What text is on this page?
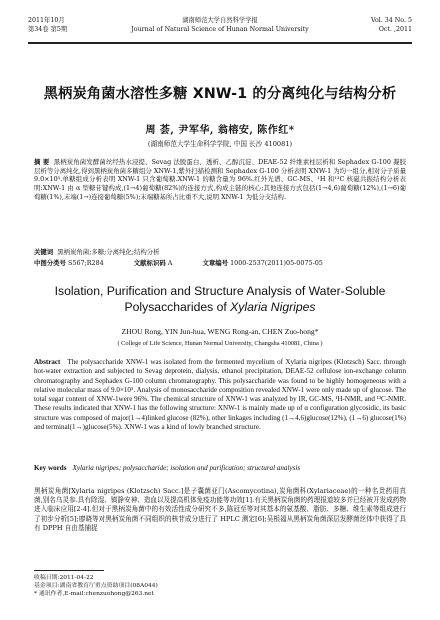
2011年10月
第34卷 第5期
湖南师范大学自然科学学报
Journal of Natural Science of Hunan Normal University
Vol. 34 No. 5
Oct. ,2011
黑柄炭角菌水溶性多糖 XNW-1 的分离纯化与结构分析
周 荟, 尹军华, 翁榕安, 陈作红*
(湖南师范大学生命科学学院, 中国 长沙 410081)
摘 要 黑柄炭角菌发酵菌丝经热水浸提、Sevag 法脱蛋白、透析、乙醇沉淀、DEAE-52 纤维素柱层析和 Sephadex G-100 凝胶层析等分离纯化,得到黑柄炭角菌多糖组分 XNW-1,紫外扫描检测和 Sephadex G-100 分析表明 XNW-1 为均一组分,相对分子质量 9.0×10⁵.单糖组成分析表明 XNW-1 只含葡萄糖.XNW-1 的糖含量为 96%.红外光谱、GC-MS、¹H 和¹³C 核磁共振结构分析表明:XNW-1 由 α 型糖苷键构成,(1→4)葡萄糖(82%)的连接方式,构成主链的核心;其他连接方式包括(1→4,6)葡萄糖(12%),(1→6)葡萄糖(1%),末端(1→)连接葡萄糖(5%);末端糖基所占比重不大,说明 XNW-1 为低分支结构.
关键词 黑柄炭角菌;多糖;分离纯化;结构分析
中图分类号 S567;R284	文献标识码 A	文章编号 1000-2537(2011)05-0075-05
Isolation, Purification and Structure Analysis of Water-Soluble
Polysaccharides of Xylaria Nigripes
ZHOU Rong, YIN Jun-hua, WENG Rong-an, CHEN Zuo-hong*
( College of Life Science, Hunan Normal University, Changsha 410081, China )
Abstract The polysaccharide XNW-1 was isolated from the fermented mycelium of Xylaria nigripes (Klotzsch) Sacc. through hot-water extraction and subjected to Sevag deprotein, dialysis, ethanol precipitation, DEAE-52 cellulose ion-exchange column chromatography and Sephadex G-100 column chromatography. This polysaccharide was found to be highly homogeneous with a relative molecular mass of 9.0×10⁵. Analysis of monosaccharide composition revealed XNW-1 were only made up of glucose. The total sugar content of XNW-1were 96%. The chemical structure of XNW-1 was analyzed by IR, GC-MS, ¹H-NMR, and ¹³C-NMR. These results indicated that XNW-1 has the following structure: XNW-1 is mainly made up of α configuration glycosidic, its basic structure was composed of major(1→4)linked glucose (82%), other linkages including (1→4,6)glucose(12%), (1→6) glucose(1%) and terminal(1→)glucose(5%). XNW-1 was a kind of lowly branched structure.
Key words Xylaria nigripes; polysaccharide; isolation and purification; structural analysis
黑柄炭角菌[Xylaria nigripes (Klotzsch) Sacc.]是子囊菌亚门(Ascomycotina),炭角菌科(Xylariaceae)的一种名贵药用真菌,别名乌灵参.具有除湿、镇静安神、造血以及提高机体免疫功能等功效[1].有关黑柄炭角菌的药理报道较多并已经被开发成药物进入临床应用[2-4].但对于黑柄炭角菌中的有效活性成分研究不多,陈冠至等对其基本的氨基酸、脂肪、多糖、维生素等组成进行了初步分析[5];廖晓等对黑柄炭角菌不同组织的核苷成分进行了 HPLC 测定[6];吴根福从黑柄炭角菌深层发酵菌丝体中获得了具有 DPPH 自由基捕捉
收稿日期:2011-04-22
基金项目:湖南省教育厅重点资助项目(08A044)
* 通讯作者,E-mail:chenzuohong@263.net
